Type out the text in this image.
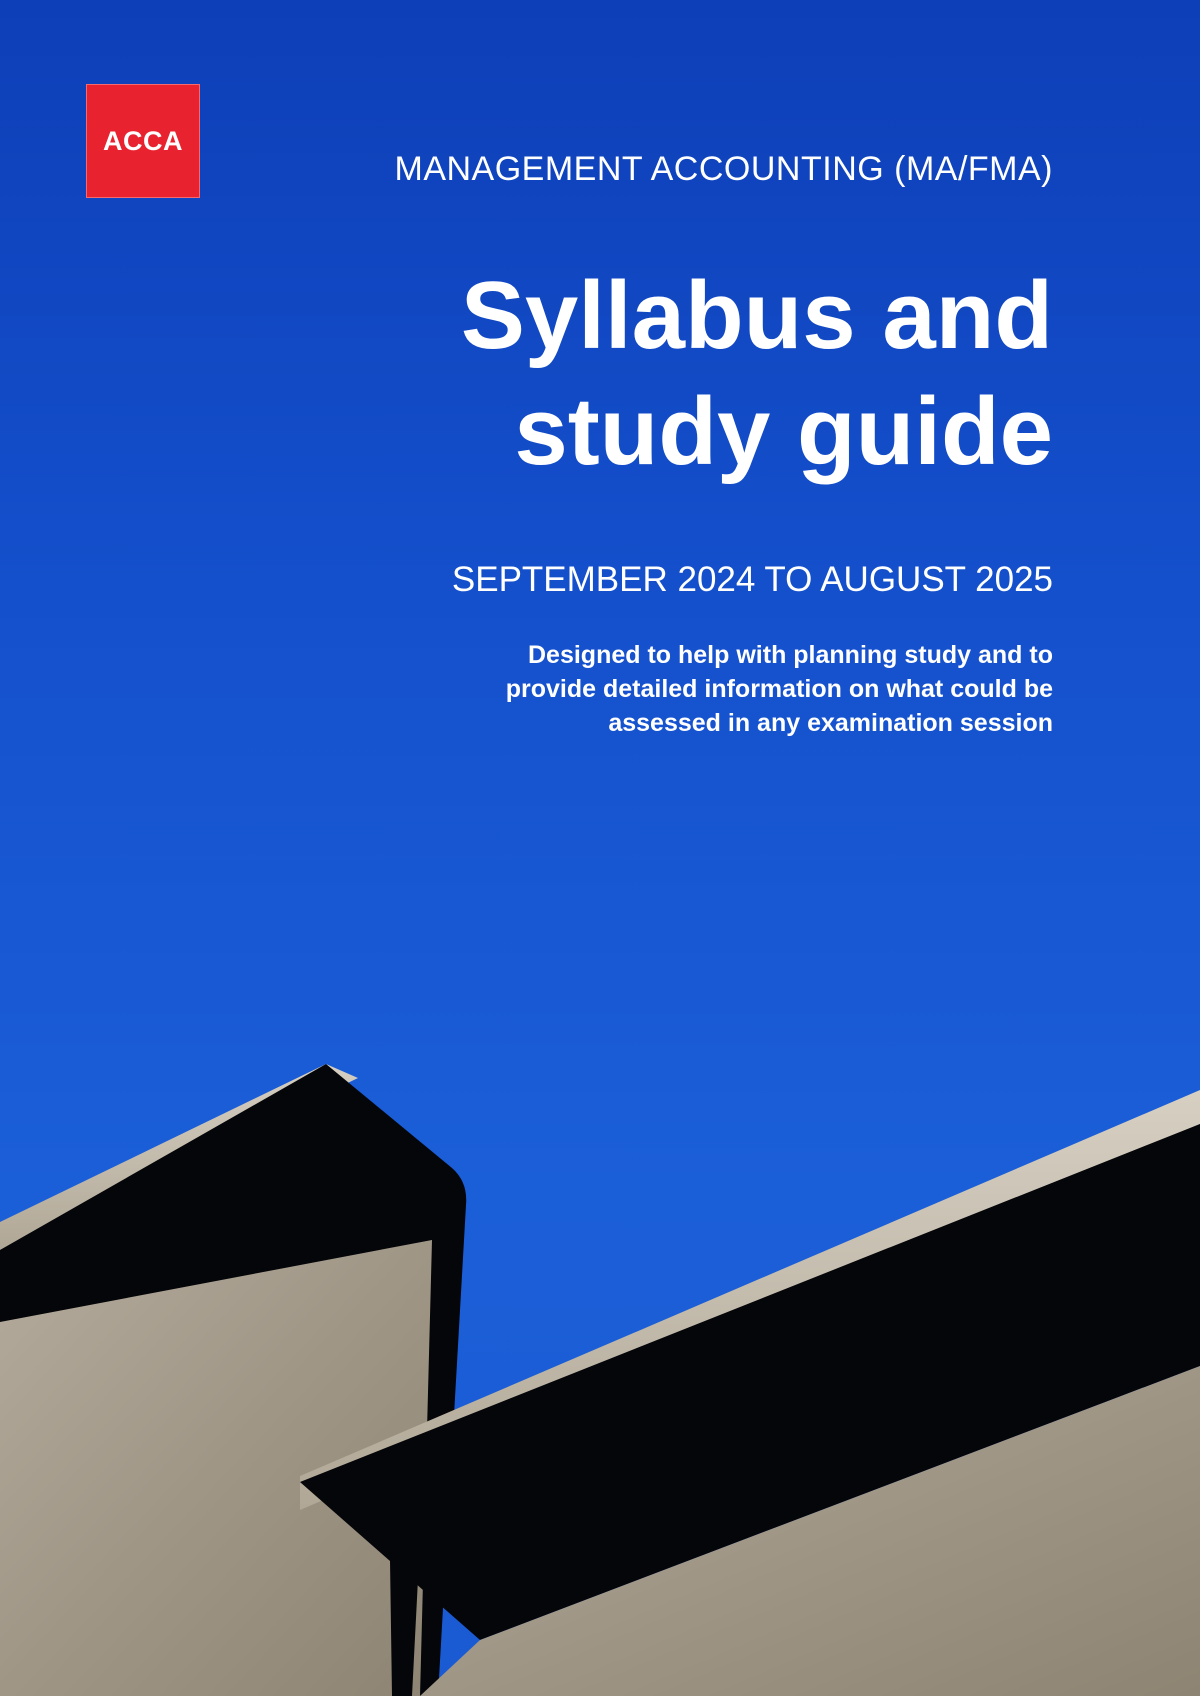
ACCA
MANAGEMENT ACCOUNTING (MA/FMA)
Syllabus and
study guide
SEPTEMBER 2024 TO AUGUST 2025
Designed to help with planning study and to
provide detailed information on what could be
assessed in any examination session
